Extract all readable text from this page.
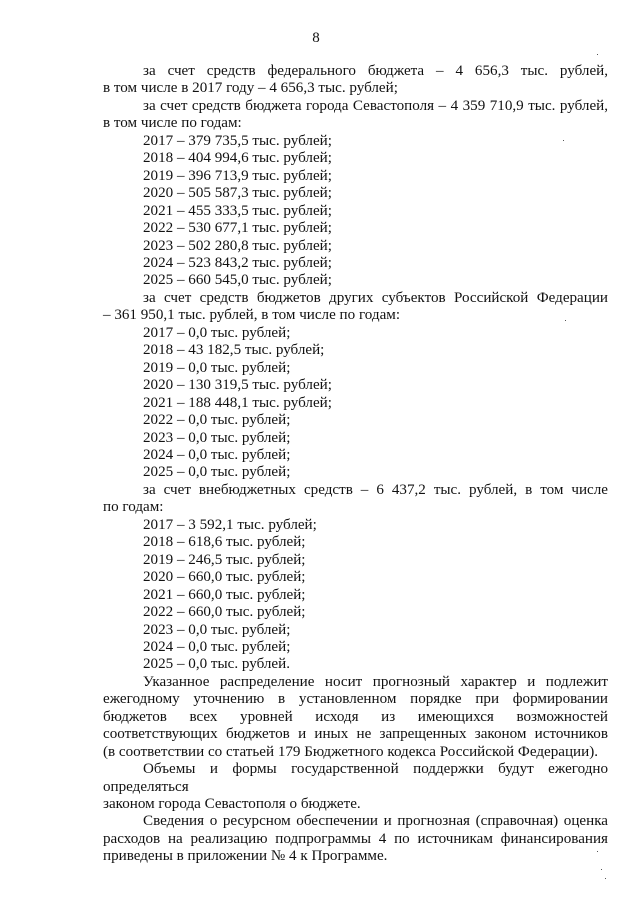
8
за счет средств федерального бюджета – 4 656,3 тыс. рублей,
в том числе в 2017 году – 4 656,3 тыс. рублей;
за счет средств бюджета города Севастополя – 4 359 710,9 тыс. рублей,
в том числе по годам:
2017 – 379 735,5 тыс. рублей;
2018 – 404 994,6 тыс. рублей;
2019 – 396 713,9 тыс. рублей;
2020 – 505 587,3 тыс. рублей;
2021 – 455 333,5 тыс. рублей;
2022 – 530 677,1 тыс. рублей;
2023 – 502 280,8 тыс. рублей;
2024 – 523 843,2 тыс. рублей;
2025 – 660 545,0 тыс. рублей;
за счет средств бюджетов других субъектов Российской Федерации
– 361 950,1 тыс. рублей, в том числе по годам:
2017 – 0,0 тыс. рублей;
2018 – 43 182,5 тыс. рублей;
2019 – 0,0 тыс. рублей;
2020 – 130 319,5 тыс. рублей;
2021 – 188 448,1 тыс. рублей;
2022 – 0,0 тыс. рублей;
2023 – 0,0 тыс. рублей;
2024 – 0,0 тыс. рублей;
2025 – 0,0 тыс. рублей;
за счет внебюджетных средств – 6 437,2 тыс. рублей, в том числе
по годам:
2017 – 3 592,1 тыс. рублей;
2018 – 618,6 тыс. рублей;
2019 – 246,5 тыс. рублей;
2020 – 660,0 тыс. рублей;
2021 – 660,0 тыс. рублей;
2022 – 660,0 тыс. рублей;
2023 – 0,0 тыс. рублей;
2024 – 0,0 тыс. рублей;
2025 – 0,0 тыс. рублей.
Указанное распределение носит прогнозный характер и подлежит
ежегодному уточнению в установленном порядке при формировании
бюджетов всех уровней исходя из имеющихся возможностей
соответствующих бюджетов и иных не запрещенных законом источников
(в соответствии со статьей 179 Бюджетного кодекса Российской Федерации).
Объемы и формы государственной поддержки будут ежегодно определяться
законом города Севастополя о бюджете.
Сведения о ресурсном обеспечении и прогнозная (справочная) оценка
расходов на реализацию подпрограммы 4 по источникам финансирования
приведены в приложении № 4 к Программе.
